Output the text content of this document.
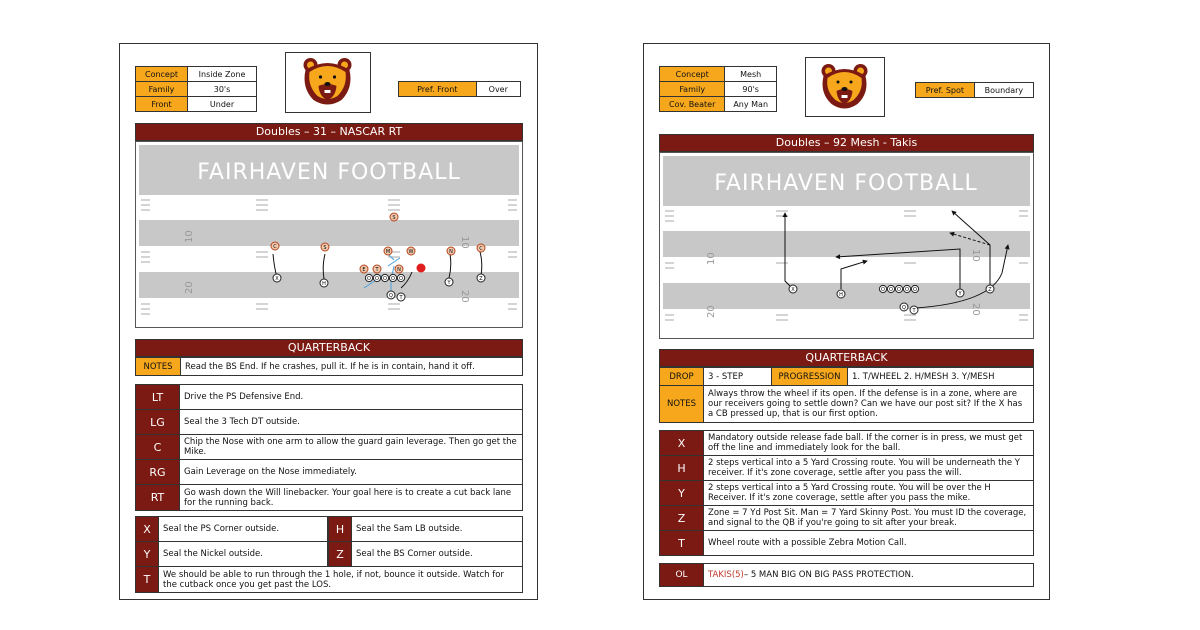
Concept	Inside Zone
Family	30's
Front	Under
Pref. Front	Over
Doubles – 31 – NASCAR RT
FAIRHAVEN FOOTBALL
10
20
10
20
C	S
S
M	W	N	C
E T	N
X
H	Y
Z
Q T
O O O O O
QUARTERBACK
NOTES	Read the BS End. If he crashes, pull it. If he is in contain, hand it off.
LT	Drive the PS Defensive End.
LG	Seal the 3 Tech DT outside.
C	Chip the Nose with one arm to allow the guard gain leverage. Then go get the Mike.
RG	Gain Leverage on the Nose immediately.
RT	Go wash down the Will linebacker. Your goal here is to create a cut back lane for the running back.
X	Seal the PS Corner outside.	H	Seal the Sam LB outside.
Y	Seal the Nickel outside.	Z	Seal the BS Corner outside.
T	We should be able to run through the 1 hole, if not, bounce it outside. Watch for the cutback once you get past the LOS.
Concept	Mesh
Family	90's
Cov. Beater	Any Man
Pref. Spot	Boundary
Doubles – 92 Mesh - Takis
FAIRHAVEN FOOTBALL
10
20
10
20
X
H	Y
Z
Q T
O O O O O
QUARTERBACK
DROP	3 - STEP	PROGRESSION	1. T/WHEEL 2. H/MESH 3. Y/MESH
NOTES
Always throw the wheel if its open. If the defense is in a zone, where are our receivers going to settle down? Can we have our post sit? If the X has a CB pressed up, that is our first option.
X	Mandatory outside release fade ball. If the corner is in press, we must get off the line and immediately look for the ball.
H	2 steps vertical into a 5 Yard Crossing route. You will be underneath the Y receiver. If it's zone coverage, settle after you pass the will.
Y	2 steps vertical into a 5 Yard Crossing route. You will be over the H Receiver. If it's zone coverage, settle after you pass the mike.
Z	Zone = 7 Yd Post Sit. Man = 7 Yard Skinny Post. You must ID the coverage, and signal to the QB if you're going to sit after your break.
T	Wheel route with a possible Zebra Motion Call.
OL	TAKIS(5) – 5 MAN BIG ON BIG PASS PROTECTION.
